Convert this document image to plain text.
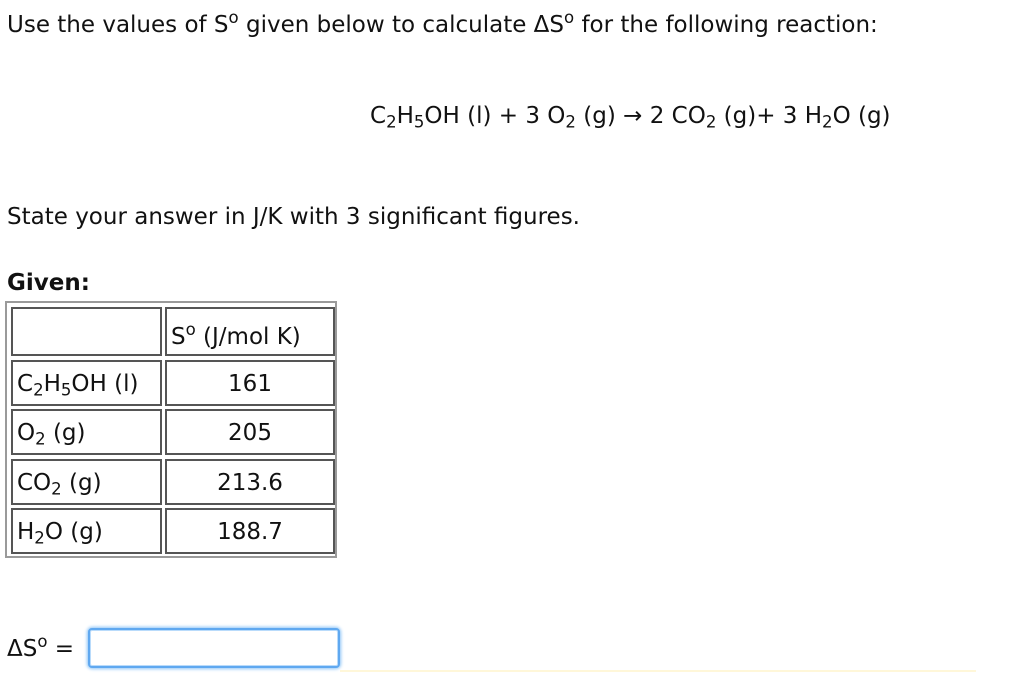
Use the values of $S^o$ given below to calculate $\Delta S^o$ for the following reaction:
$C_2H_5OH$ (l) + 3 $O_2$ (g) → 2 $CO_2$ (g)+ 3 $H_2O$ (g)
State your answer in J/K with 3 significant figures.
Given:
$S^o$ (J/mol K)
$C_2H_5OH$ (l)	161
$O_2$ (g)	205
$CO_2$ (g)	213.6
$H_2O$ (g)	188.7
$\Delta S^o$ =
